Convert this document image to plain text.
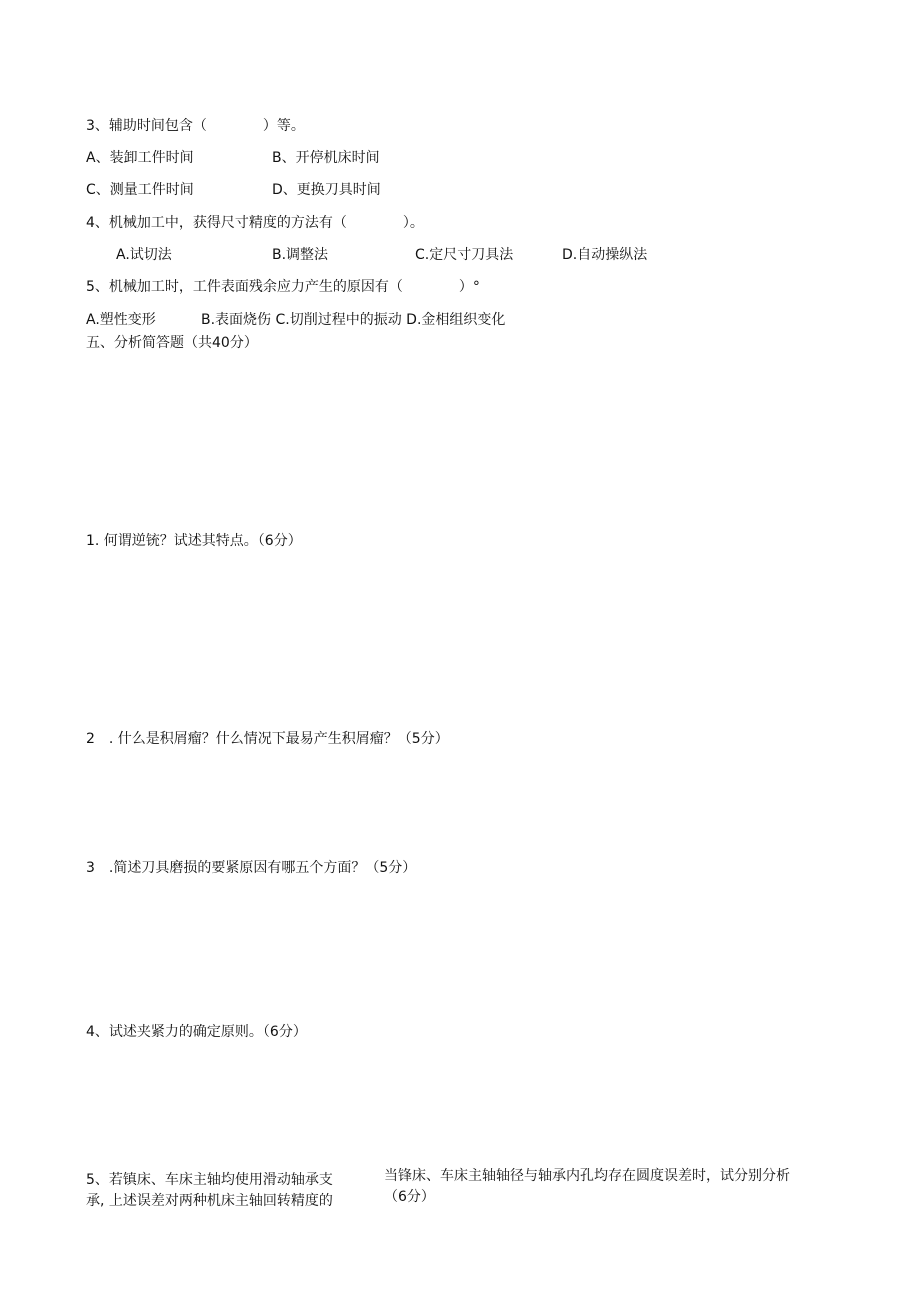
3、辅助时间包含（　　　　）等。
A、装卸工件时间	B、开停机床时间
C、测量工件时间	D、更换刀具时间
4、机械加工中，获得尺寸精度的方法有（　　　　）。
A.试切法	B.调整法	C.定尺寸刀具法	D.自动操纵法
5、机械加工时，工件表面残余应力产生的原因有（　　　　）°
A.塑性变形	B.表面烧伤 C.切削过程中的振动 D.金相组织变化
五、分析简答题（共40分）
1. 何谓逆铳？试述其特点。（6分）
2　. 什么是积屑瘤？什么情况下最易产生积屑瘤？（5分）
3　.简述刀具磨损的要紧原因有哪五个方面？（5分）
4、试述夹紧力的确定原则。（6分）
5、若镇床、车床主轴均使用滑动轴承支
承, 上述误差对两种机床主轴回转精度的
当锋床、车床主轴轴径与轴承内孔均存在圆度误差时，试分别分析
（6分）
